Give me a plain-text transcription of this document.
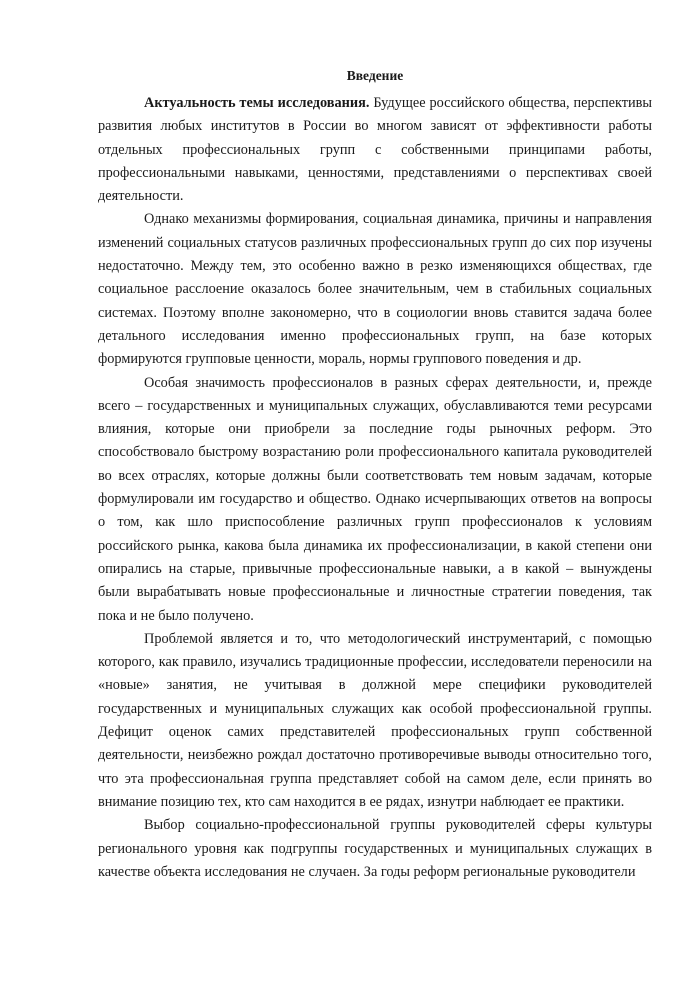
Введение

Актуальность темы исследования. Будущее российского общества, перспективы развития любых институтов в России во многом зависят от эффективности работы отдельных профессиональных групп с собственными принципами работы, профессиональными навыками, ценностями, представлениями о перспективах своей деятельности.

Однако механизмы формирования, социальная динамика, причины и направления изменений социальных статусов различных профессиональных групп до сих пор изучены недостаточно. Между тем, это особенно важно в резко изменяющихся обществах, где социальное расслоение оказалось более значительным, чем в стабильных социальных системах. Поэтому вполне закономерно, что в социологии вновь ставится задача более детального исследования именно профессиональных групп, на базе которых формируются групповые ценности, мораль, нормы группового поведения и др.

Особая значимость профессионалов в разных сферах деятельности, и, прежде всего – государственных и муниципальных служащих, обуславливаются теми ресурсами влияния, которые они приобрели за последние годы рыночных реформ. Это способствовало быстрому возрастанию роли профессионального капитала руководителей во всех отраслях, которые должны были соответствовать тем новым задачам, которые формулировали им государство и общество. Однако исчерпывающих ответов на вопросы о том, как шло приспособление различных групп профессионалов к условиям российского рынка, какова была динамика их профессионализации, в какой степени они опирались на старые, привычные профессиональные навыки, а в какой – вынуждены были вырабатывать новые профессиональные и личностные стратегии поведения, так пока и не было получено.

Проблемой является и то, что методологический инструментарий, с помощью которого, как правило, изучались традиционные профессии, исследователи переносили на «новые» занятия, не учитывая в должной мере специфики руководителей государственных и муниципальных служащих как особой профессиональной группы. Дефицит оценок самих представителей профессиональных групп собственной деятельности, неизбежно рождал достаточно противоречивые выводы относительно того, что эта профессиональная группа представляет собой на самом деле, если принять во внимание позицию тех, кто сам находится в ее рядах, изнутри наблюдает ее практики.

Выбор социально-профессиональной группы руководителей сферы культуры регионального уровня как подгруппы государственных и муниципальных служащих в качестве объекта исследования не случаен. За годы реформ региональные руководители
